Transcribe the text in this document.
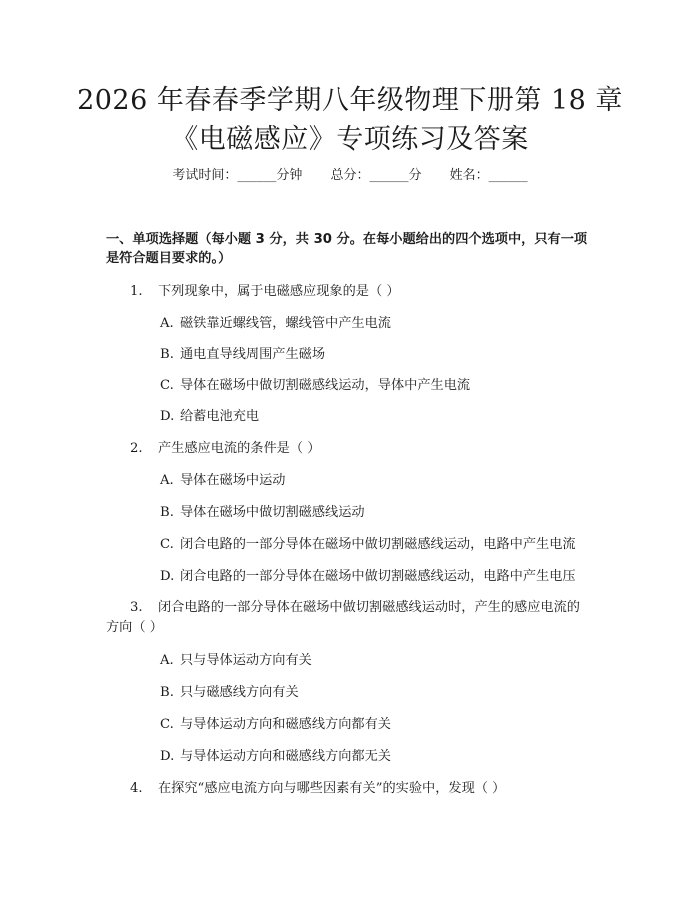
2026 年春春季学期八年级物理下册第 18 章
《电磁感应》专项练习及答案
考试时间：______分钟 总分：______分 姓名：______
一、单项选择题（每小题 3 分，共 30 分。在每小题给出的四个选项中，只有一项
是符合题目要求的。）
1. 下列现象中，属于电磁感应现象的是（ ）
A. 磁铁靠近螺线管，螺线管中产生电流
B. 通电直导线周围产生磁场
C. 导体在磁场中做切割磁感线运动，导体中产生电流
D. 给蓄电池充电
2. 产生感应电流的条件是（ ）
A. 导体在磁场中运动
B. 导体在磁场中做切割磁感线运动
C. 闭合电路的一部分导体在磁场中做切割磁感线运动，电路中产生电流
D. 闭合电路的一部分导体在磁场中做切割磁感线运动，电路中产生电压
3. 闭合电路的一部分导体在磁场中做切割磁感线运动时，产生的感应电流的
方向（ ）
A. 只与导体运动方向有关
B. 只与磁感线方向有关
C. 与导体运动方向和磁感线方向都有关
D. 与导体运动方向和磁感线方向都无关
4. 在探究“感应电流方向与哪些因素有关”的实验中，发现（ ）
